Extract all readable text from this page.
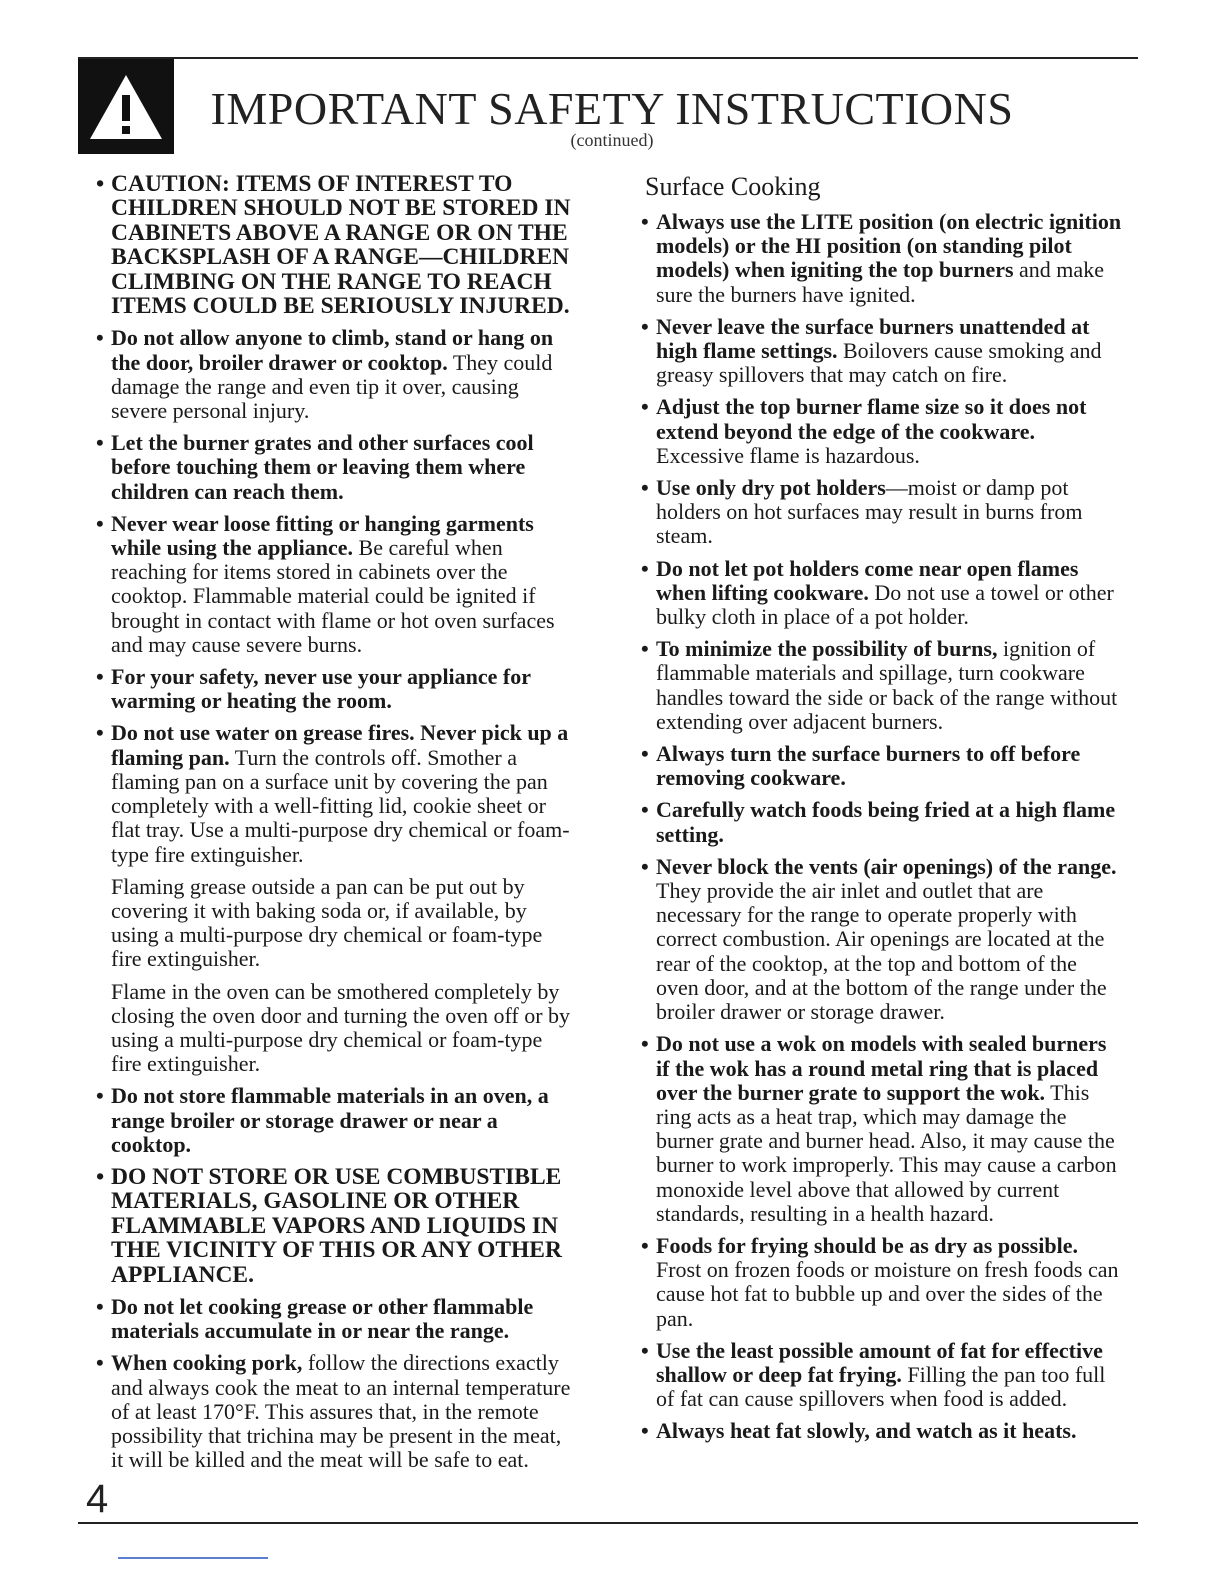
IMPORTANT SAFETY INSTRUCTIONS
(continued)
• CAUTION: ITEMS OF INTEREST TO CHILDREN SHOULD NOT BE STORED IN CABINETS ABOVE A RANGE OR ON THE BACKSPLASH OF A RANGE—CHILDREN CLIMBING ON THE RANGE TO REACH ITEMS COULD BE SERIOUSLY INJURED.
• Do not allow anyone to climb, stand or hang on the door, broiler drawer or cooktop. They could damage the range and even tip it over, causing severe personal injury.
• Let the burner grates and other surfaces cool before touching them or leaving them where children can reach them.
• Never wear loose fitting or hanging garments while using the appliance. Be careful when reaching for items stored in cabinets over the cooktop. Flammable material could be ignited if brought in contact with flame or hot oven surfaces and may cause severe burns.
• For your safety, never use your appliance for warming or heating the room.
• Do not use water on grease fires. Never pick up a flaming pan. Turn the controls off. Smother a flaming pan on a surface unit by covering the pan completely with a well-fitting lid, cookie sheet or flat tray. Use a multi-purpose dry chemical or foam-type fire extinguisher.
Flaming grease outside a pan can be put out by covering it with baking soda or, if available, by using a multi-purpose dry chemical or foam-type fire extinguisher.
Flame in the oven can be smothered completely by closing the oven door and turning the oven off or by using a multi-purpose dry chemical or foam-type fire extinguisher.
• Do not store flammable materials in an oven, a range broiler or storage drawer or near a cooktop.
• DO NOT STORE OR USE COMBUSTIBLE MATERIALS, GASOLINE OR OTHER FLAMMABLE VAPORS AND LIQUIDS IN THE VICINITY OF THIS OR ANY OTHER APPLIANCE.
• Do not let cooking grease or other flammable materials accumulate in or near the range.
• When cooking pork, follow the directions exactly and always cook the meat to an internal temperature of at least 170°F. This assures that, in the remote possibility that trichina may be present in the meat, it will be killed and the meat will be safe to eat.
Surface Cooking
• Always use the LITE position (on electric ignition models) or the HI position (on standing pilot models) when igniting the top burners and make sure the burners have ignited.
• Never leave the surface burners unattended at high flame settings. Boilovers cause smoking and greasy spillovers that may catch on fire.
• Adjust the top burner flame size so it does not extend beyond the edge of the cookware. Excessive flame is hazardous.
• Use only dry pot holders—moist or damp pot holders on hot surfaces may result in burns from steam.
• Do not let pot holders come near open flames when lifting cookware. Do not use a towel or other bulky cloth in place of a pot holder.
• To minimize the possibility of burns, ignition of flammable materials and spillage, turn cookware handles toward the side or back of the range without extending over adjacent burners.
• Always turn the surface burners to off before removing cookware.
• Carefully watch foods being fried at a high flame setting.
• Never block the vents (air openings) of the range. They provide the air inlet and outlet that are necessary for the range to operate properly with correct combustion. Air openings are located at the rear of the cooktop, at the top and bottom of the oven door, and at the bottom of the range under the broiler drawer or storage drawer.
• Do not use a wok on models with sealed burners if the wok has a round metal ring that is placed over the burner grate to support the wok. This ring acts as a heat trap, which may damage the burner grate and burner head. Also, it may cause the burner to work improperly. This may cause a carbon monoxide level above that allowed by current standards, resulting in a health hazard.
• Foods for frying should be as dry as possible. Frost on frozen foods or moisture on fresh foods can cause hot fat to bubble up and over the sides of the pan.
• Use the least possible amount of fat for effective shallow or deep fat frying. Filling the pan too full of fat can cause spillovers when food is added.
• Always heat fat slowly, and watch as it heats.
4
